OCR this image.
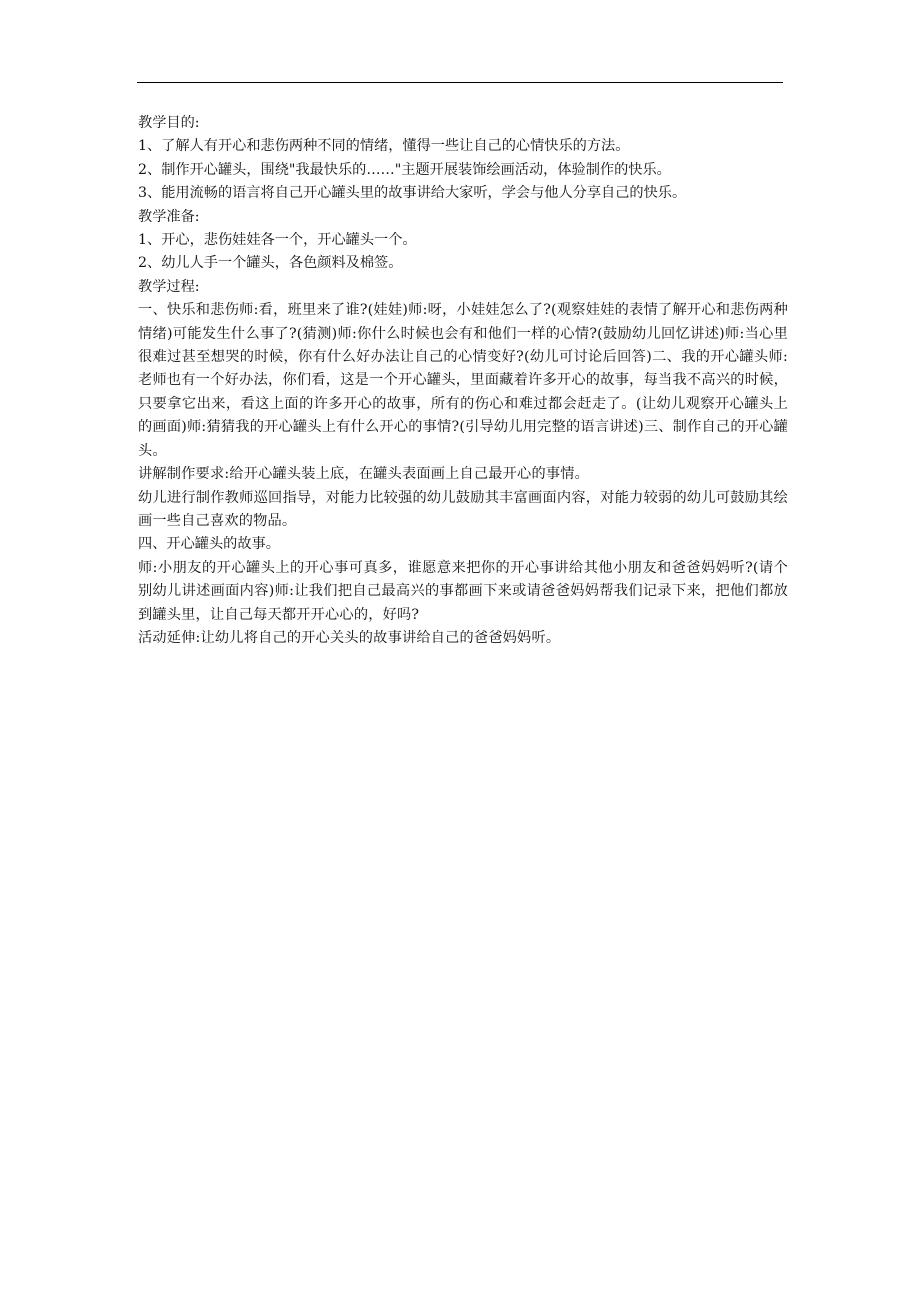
教学目的:
1、了解人有开心和悲伤两种不同的情绪，懂得一些让自己的心情快乐的方法。
2、制作开心罐头，围绕"我最快乐的……"主题开展装饰绘画活动，体验制作的快乐。
3、能用流畅的语言将自己开心罐头里的故事讲给大家听，学会与他人分享自己的快乐。
教学准备:
1、开心，悲伤娃娃各一个，开心罐头一个。
2、幼儿人手一个罐头，各色颜料及棉签。
教学过程:
一、快乐和悲伤师:看，班里来了谁?(娃娃)师:呀，小娃娃怎么了?(观察娃娃的表情了解开心和悲伤两种情绪)可能发生什么事了?(猜测)师:你什么时候也会有和他们一样的心情?(鼓励幼儿回忆讲述)师:当心里很难过甚至想哭的时候，你有什么好办法让自己的心情变好?(幼儿可讨论后回答)二、我的开心罐头师:老师也有一个好办法，你们看，这是一个开心罐头，里面藏着许多开心的故事，每当我不高兴的时候，只要拿它出来，看这上面的许多开心的故事，所有的伤心和难过都会赶走了。(让幼儿观察开心罐头上的画面)师:猜猜我的开心罐头上有什么开心的事情?(引导幼儿用完整的语言讲述)三、制作自己的开心罐头。
讲解制作要求:给开心罐头装上底，在罐头表面画上自己最开心的事情。
幼儿进行制作教师巡回指导，对能力比较强的幼儿鼓励其丰富画面内容，对能力较弱的幼儿可鼓励其绘画一些自己喜欢的物品。
四、开心罐头的故事。
师:小朋友的开心罐头上的开心事可真多，谁愿意来把你的开心事讲给其他小朋友和爸爸妈妈听?(请个别幼儿讲述画面内容)师:让我们把自己最高兴的事都画下来或请爸爸妈妈帮我们记录下来，把他们都放到罐头里，让自己每天都开开心心的，好吗?
活动延伸:让幼儿将自己的开心关头的故事讲给自己的爸爸妈妈听。
